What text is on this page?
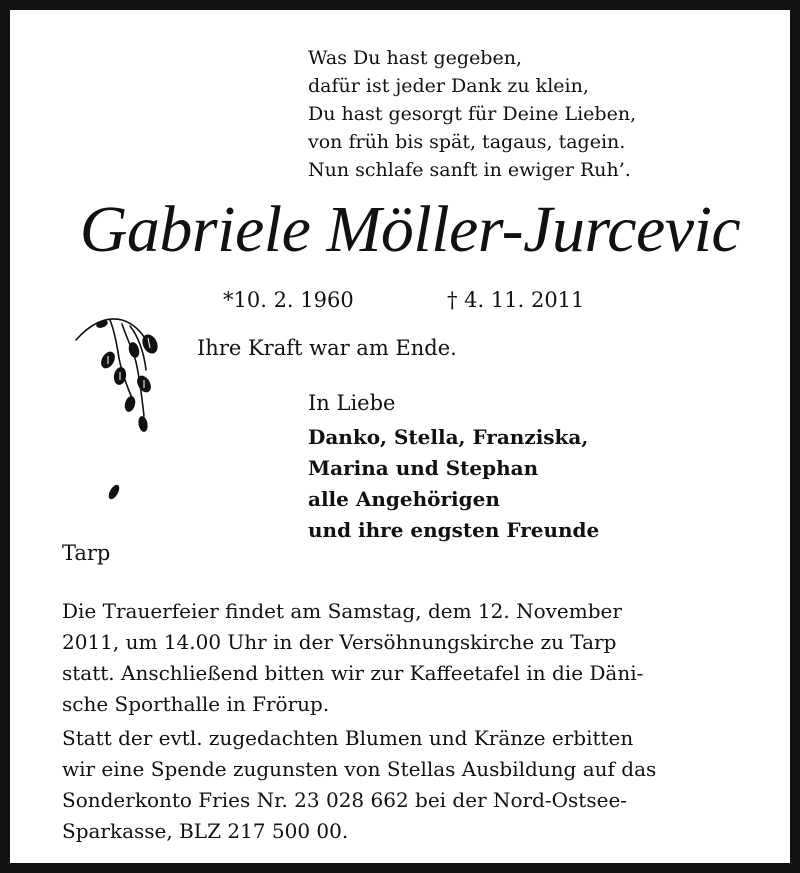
Was Du hast gegeben,
dafür ist jeder Dank zu klein,
Du hast gesorgt für Deine Lieben,
von früh bis spät, tagaus, tagein.
Nun schlafe sanft in ewiger Ruh’.
Gabriele Möller-Jurcevic
*10. 2. 1960	† 4. 11. 2011
Ihre Kraft war am Ende.
In Liebe
Danko, Stella, Franziska,
Marina und Stephan
alle Angehörigen
und ihre engsten Freunde
Tarp
Die Trauerfeier findet am Samstag, dem 12. November
2011, um 14.00 Uhr in der Versöhnungskirche zu Tarp
statt. Anschließend bitten wir zur Kaffeetafel in die Däni-
sche Sporthalle in Frörup.
Statt der evtl. zugedachten Blumen und Kränze erbitten
wir eine Spende zugunsten von Stellas Ausbildung auf das
Sonderkonto Fries Nr. 23 028 662 bei der Nord-Ostsee-
Sparkasse, BLZ 217 500 00.
